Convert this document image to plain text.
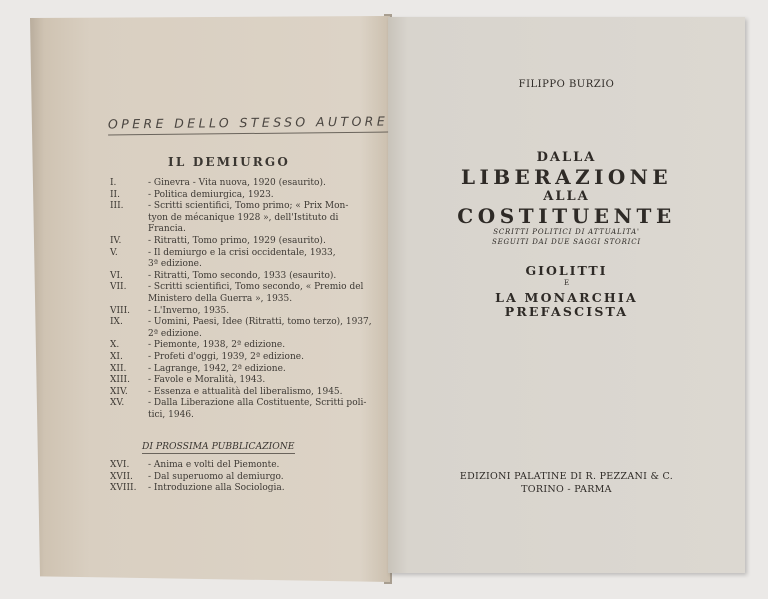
OPERE DELLO STESSO AUTORE
IL DEMIURGO
I.	- Ginevra - Vita nuova, 1920 (esaurito).
II.	- Politica demiurgica, 1923.
III.	- Scritti scientifici, Tomo primo; « Prix Mon-
tyon de mécanique 1928 », dell'Istituto di
Francia.
IV.	- Ritratti, Tomo primo, 1929 (esaurito).
V.	- Il demiurgo e la crisi occidentale, 1933,
3ª edizione.
VI.	- Ritratti, Tomo secondo, 1933 (esaurito).
VII. - Scritti scientifici, Tomo secondo, « Premio del
Ministero della Guerra », 1935.
VIII. - L'Inverno, 1935.
IX.	- Uomini, Paesi, Idee (Ritratti, tomo terzo), 1937,
2ª edizione.
X.	- Piemonte, 1938, 2ª edizione.
XI.	- Profeti d'oggi, 1939, 2ª edizione.
XII. - Lagrange, 1942, 2ª edizione.
XIII. - Favole e Moralità, 1943.
XIV. - Essenza e attualità del liberalismo, 1945.
XV.	- Dalla Liberazione alla Costituente, Scritti poli-
tici, 1946.
DI PROSSIMA PUBBLICAZIONE
XVI. - Anima e volti del Piemonte.
XVII. - Dal superuomo al demiurgo.
XVIII. - Introduzione alla Sociologia.
FILIPPO BURZIO
DALLA
LIBERAZIONE
ALLA
COSTITUENTE
SCRITTI POLITICI DI ATTUALITA'
SEGUITI DAI DUE SAGGI STORICI
GIOLITTI
E
LA MONARCHIA
PREFASCISTA
EDIZIONI PALATINE DI R. PEZZANI & C.
TORINO - PARMA
